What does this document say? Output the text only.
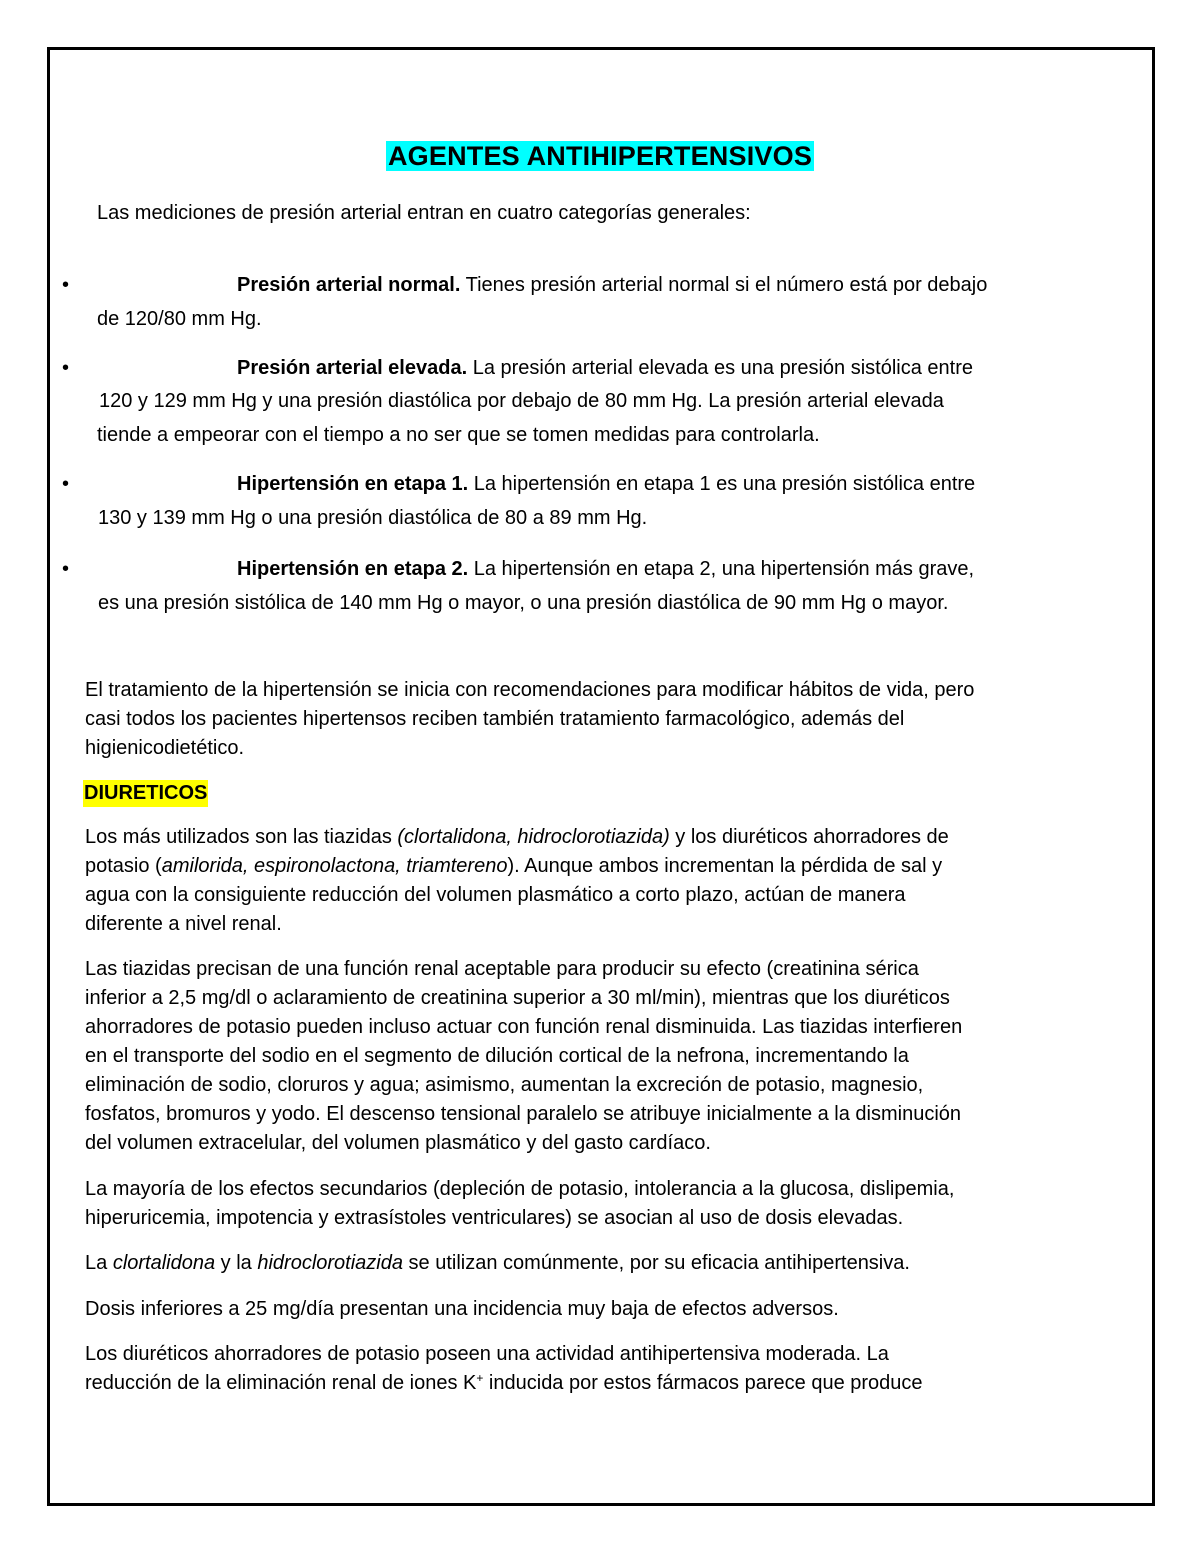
AGENTES ANTIHIPERTENSIVOS
Las mediciones de presión arterial entran en cuatro categorías generales:
•	Presión arterial normal. Tienes presión arterial normal si el número está por debajo
de 120/80 mm Hg.
•	Presión arterial elevada. La presión arterial elevada es una presión sistólica entre
120 y 129 mm Hg y una presión diastólica por debajo de 80 mm Hg. La presión arterial elevada
tiende a empeorar con el tiempo a no ser que se tomen medidas para controlarla.
•	Hipertensión en etapa 1. La hipertensión en etapa 1 es una presión sistólica entre
130 y 139 mm Hg o una presión diastólica de 80 a 89 mm Hg.
•	Hipertensión en etapa 2. La hipertensión en etapa 2, una hipertensión más grave,
es una presión sistólica de 140 mm Hg o mayor, o una presión diastólica de 90 mm Hg o mayor.
El tratamiento de la hipertensión se inicia con recomendaciones para modificar hábitos de vida, pero
casi todos los pacientes hipertensos reciben también tratamiento farmacológico, además del
higienicodietético.
DIURETICOS
Los más utilizados son las tiazidas (clortalidona, hidroclorotiazida) y los diuréticos ahorradores de
potasio (amilorida, espironolactona, triamtereno). Aunque ambos incrementan la pérdida de sal y
agua con la consiguiente reducción del volumen plasmático a corto plazo, actúan de manera
diferente a nivel renal.
Las tiazidas precisan de una función renal aceptable para producir su efecto (creatinina sérica
inferior a 2,5 mg/dl o aclaramiento de creatinina superior a 30 ml/min), mientras que los diuréticos
ahorradores de potasio pueden incluso actuar con función renal disminuida. Las tiazidas interfieren
en el transporte del sodio en el segmento de dilución cortical de la nefrona, incrementando la
eliminación de sodio, cloruros y agua; asimismo, aumentan la excreción de potasio, magnesio,
fosfatos, bromuros y yodo. El descenso tensional paralelo se atribuye inicialmente a la disminución
del volumen extracelular, del volumen plasmático y del gasto cardíaco.
La mayoría de los efectos secundarios (depleción de potasio, intolerancia a la glucosa, dislipemia,
hiperuricemia, impotencia y extrasístoles ventriculares) se asocian al uso de dosis elevadas.
La clortalidona y la hidroclorotiazida se utilizan comúnmente, por su eficacia antihipertensiva.
Dosis inferiores a 25 mg/día presentan una incidencia muy baja de efectos adversos.
Los diuréticos ahorradores de potasio poseen una actividad antihipertensiva moderada. La
reducción de la eliminación renal de iones K+ inducida por estos fármacos parece que produce
